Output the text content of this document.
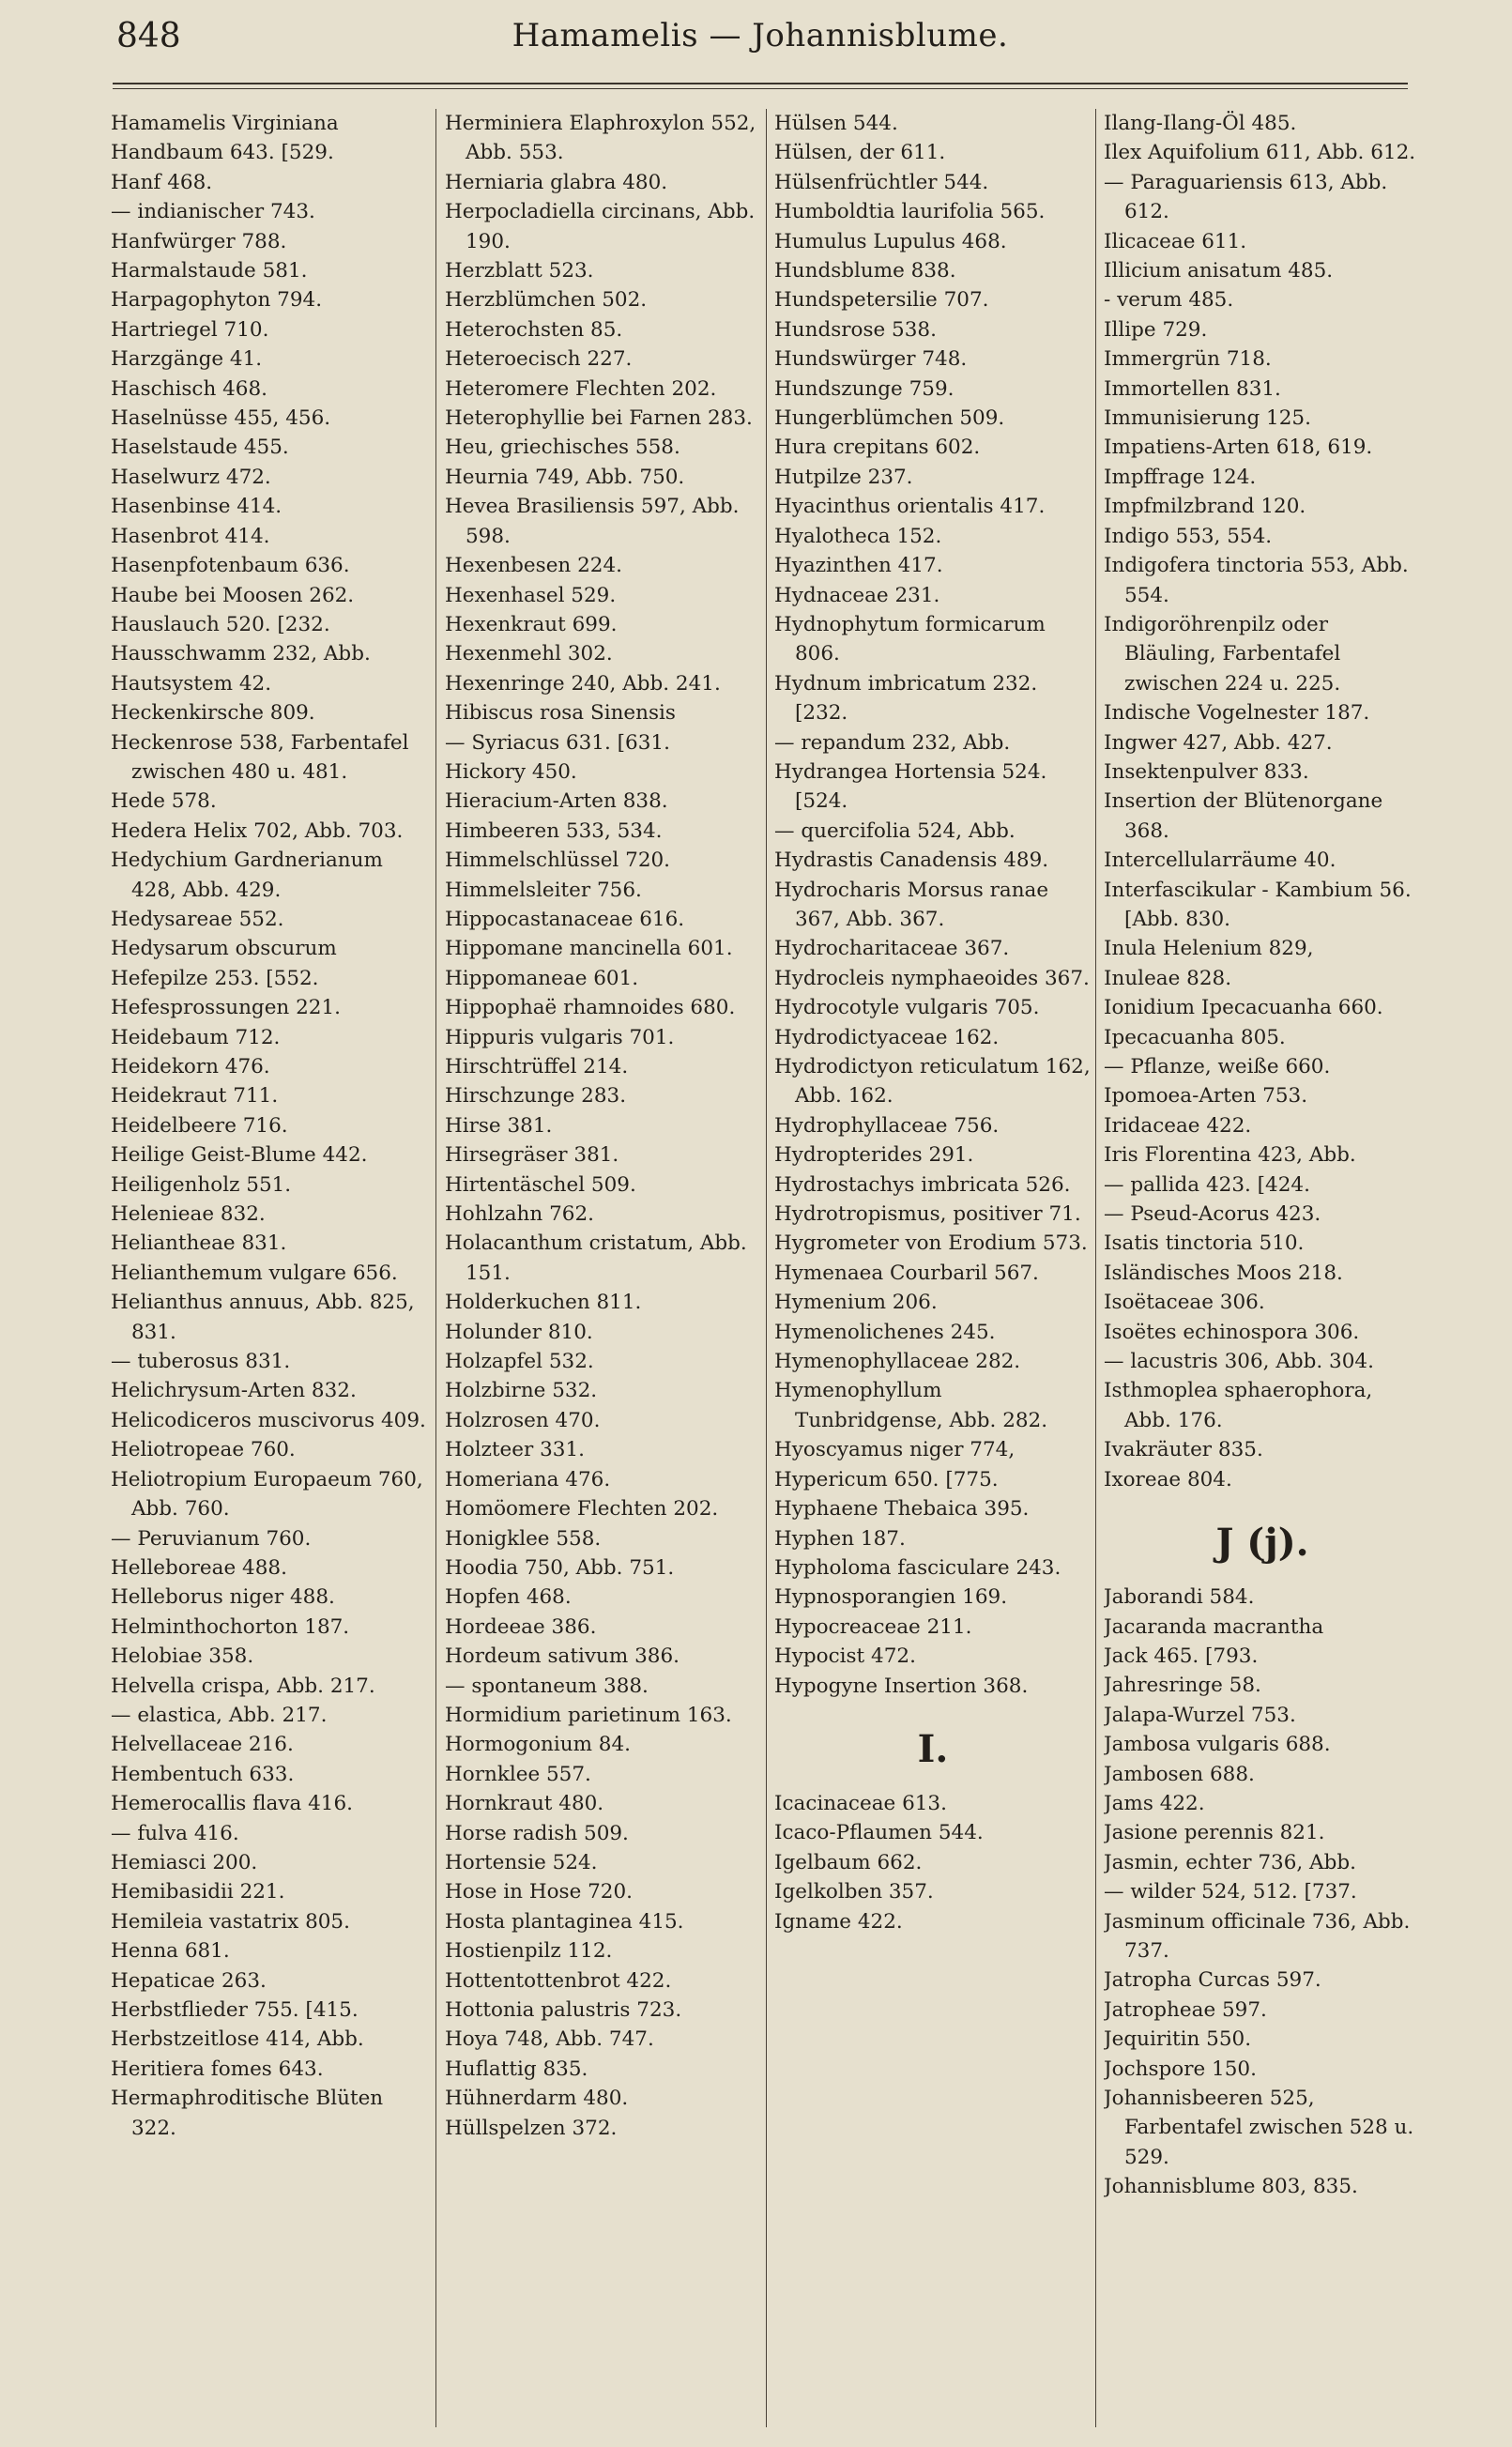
848	Hamamelis — Johannisblume.
Hamamelis Virginiana
Handbaum 643. [529.
Hanf 468.
— indianischer 743.
Hanfwürger 788.
Harmalstaude 581.
Harpagophyton 794.
Hartriegel 710.
Harzgänge 41.
Haschisch 468.
Haselnüsse 455, 456.
Haselstaude 455.
Haselwurz 472.
Hasenbinse 414.
Hasenbrot 414.
Hasenpfotenbaum 636.
Haube bei Moosen 262.
Hauslauch 520. [232.
Hausschwamm 232, Abb.
Hautsystem 42.
Heckenkirsche 809.
Heckenrose 538, Farbentafel zwischen 480 u. 481.
Hede 578.
Hedera Helix 702, Abb. 703.
Hedychium Gardnerianum 428, Abb. 429.
Hedysareae 552.
Hedysarum obscurum
Hefepilze 253. [552.
Hefesprossungen 221.
Heidebaum 712.
Heidekorn 476.
Heidekraut 711.
Heidelbeere 716.
Heilige Geist-Blume 442.
Heiligenholz 551.
Helenieae 832.
Heliantheae 831.
Helianthemum vulgare 656.
Helianthus annuus, Abb. 825, 831.
— tuberosus 831.
Helichrysum-Arten 832.
Helicodiceros muscivorus 409.
Heliotropeae 760.
Heliotropium Europaeum 760, Abb. 760.
— Peruvianum 760.
Helleboreae 488.
Helleborus niger 488.
Helminthochorton 187.
Helobiae 358.
Helvella crispa, Abb. 217.
— elastica, Abb. 217.
Helvellaceae 216.
Hembentuch 633.
Hemerocallis flava 416.
— fulva 416.
Hemiasci 200.
Hemibasidii 221.
Hemileia vastatrix 805.
Henna 681.
Hepaticae 263.
Herbstflieder 755. [415.
Herbstzeitlose 414, Abb.
Heritiera fomes 643.
Hermaphroditische Blüten 322.
Herminiera Elaphroxylon 552, Abb. 553.
Herniaria glabra 480.
Herpocladiella circinans, Abb. 190.
Herzblatt 523.
Herzblümchen 502.
Heterochsten 85.
Heteroecisch 227.
Heteromere Flechten 202.
Heterophyllie bei Farnen 283.
Heu, griechisches 558.
Heurnia 749, Abb. 750.
Hevea Brasiliensis 597, Abb. 598.
Hexenbesen 224.
Hexenhasel 529.
Hexenkraut 699.
Hexenmehl 302.
Hexenringe 240, Abb. 241.
Hibiscus rosa Sinensis
— Syriacus 631. [631.
Hickory 450.
Hieracium-Arten 838.
Himbeeren 533, 534.
Himmelschlüssel 720.
Himmelsleiter 756.
Hippocastanaceae 616.
Hippomane mancinella 601.
Hippomaneae 601.
Hippophaë rhamnoides 680.
Hippuris vulgaris 701.
Hirschtrüffel 214.
Hirschzunge 283.
Hirse 381.
Hirsegräser 381.
Hirtentäschel 509.
Hohlzahn 762.
Holacanthum cristatum, Abb. 151.
Holderkuchen 811.
Holunder 810.
Holzapfel 532.
Holzbirne 532.
Holzrosen 470.
Holzteer 331.
Homeriana 476.
Homöomere Flechten 202.
Honigklee 558.
Hoodia 750, Abb. 751.
Hopfen 468.
Hordeeae 386.
Hordeum sativum 386.
— spontaneum 388.
Hormidium parietinum 163.
Hormogonium 84.
Hornklee 557.
Hornkraut 480.
Horse radish 509.
Hortensie 524.
Hose in Hose 720.
Hosta plantaginea 415.
Hostienpilz 112.
Hottentottenbrot 422.
Hottonia palustris 723.
Hoya 748, Abb. 747.
Huflattig 835.
Hühnerdarm 480.
Hüllspelzen 372.
Hülsen 544.
Hülsen, der 611.
Hülsenfrüchtler 544.
Humboldtia laurifolia 565.
Humulus Lupulus 468.
Hundsblume 838.
Hundspetersilie 707.
Hundsrose 538.
Hundswürger 748.
Hundszunge 759.
Hungerblümchen 509.
Hura crepitans 602.
Hutpilze 237.
Hyacinthus orientalis 417.
Hyalotheca 152.
Hyazinthen 417.
Hydnaceae 231.
Hydnophytum formicarum 806.
Hydnum imbricatum 232. [232.
— repandum 232, Abb.
Hydrangea Hortensia 524. [524.
— quercifolia 524, Abb.
Hydrastis Canadensis 489.
Hydrocharis Morsus ranae 367, Abb. 367.
Hydrocharitaceae 367.
Hydrocleis nymphaeoides 367.
Hydrocotyle vulgaris 705.
Hydrodictyaceae 162.
Hydrodictyon reticulatum 162, Abb. 162.
Hydrophyllaceae 756.
Hydropterides 291.
Hydrostachys imbricata 526.
Hydrotropismus, positiver 71.
Hygrometer von Erodium 573.
Hymenaea Courbaril 567.
Hymenium 206.
Hymenolichenes 245.
Hymenophyllaceae 282.
Hymenophyllum Tunbridgense, Abb. 282.
Hyoscyamus niger 774,
Hypericum 650. [775.
Hyphaene Thebaica 395.
Hyphen 187.
Hypholoma fasciculare 243.
Hypnosporangien 169.
Hypocreaceae 211.
Hypocist 472.
Hypogyne Insertion 368.
I.
Icacinaceae 613.
Icaco-Pflaumen 544.
Igelbaum 662.
Igelkolben 357.
Igname 422.
Ilang-Ilang-Öl 485.
Ilex Aquifolium 611, Abb. 612.
— Paraguariensis 613, Abb. 612.
Ilicaceae 611.
Illicium anisatum 485.
- verum 485.
Illipe 729.
Immergrün 718.
Immortellen 831.
Immunisierung 125.
Impatiens-Arten 618, 619.
Impffrage 124.
Impfmilzbrand 120.
Indigo 553, 554.
Indigofera tinctoria 553, Abb. 554.
Indigoröhrenpilz oder Bläuling, Farbentafel zwischen 224 u. 225.
Indische Vogelnester 187.
Ingwer 427, Abb. 427.
Insektenpulver 833.
Insertion der Blütenorgane 368.
Intercellularräume 40.
Interfascikular - Kambium 56. [Abb. 830.
Inula Helenium 829,
Inuleae 828.
Ionidium Ipecacuanha 660.
Ipecacuanha 805.
— Pflanze, weiße 660.
Ipomoea-Arten 753.
Iridaceae 422.
Iris Florentina 423, Abb.
— pallida 423. [424.
— Pseud-Acorus 423.
Isatis tinctoria 510.
Isländisches Moos 218.
Isoëtaceae 306.
Isoëtes echinospora 306.
— lacustris 306, Abb. 304.
Isthmoplea sphaerophora, Abb. 176.
Ivakräuter 835.
Ixoreae 804.
J (j).
Jaborandi 584.
Jacaranda macrantha
Jack 465. [793.
Jahresringe 58.
Jalapa-Wurzel 753.
Jambosa vulgaris 688.
Jambosen 688.
Jams 422.
Jasione perennis 821.
Jasmin, echter 736, Abb.
— wilder 524, 512. [737.
Jasminum officinale 736, Abb. 737.
Jatropha Curcas 597.
Jatropheae 597.
Jequiritin 550.
Jochspore 150.
Johannisbeeren 525, Farbentafel zwischen 528 u. 529.
Johannisblume 803, 835.
